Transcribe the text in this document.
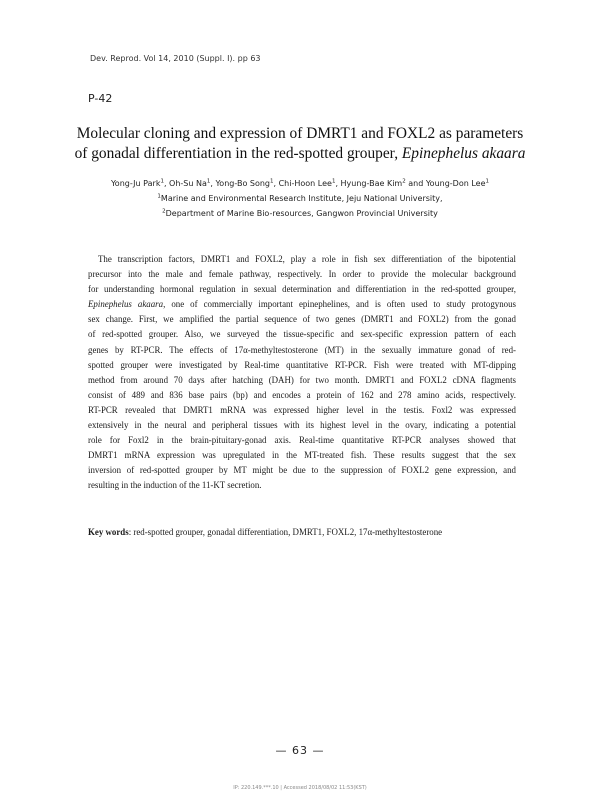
Dev. Reprod. Vol 14, 2010 (Suppl. I). pp 63
P-42
Molecular cloning and expression of DMRT1 and FOXL2 as parameters
of gonadal differentiation in the red-spotted grouper, Epinephelus akaara
Yong-Ju Park$^1$, Oh-Su Na$^1$, Yong-Bo Song$^1$, Chi-Hoon Lee$^1$, Hyung-Bae Kim$^2$ and Young-Don Lee$^1$
$^1$Marine and Environmental Research Institute, Jeju National University,
$^2$Department of Marine Bio-resources, Gangwon Provincial University
The transcription factors, DMRT1 and FOXL2, play a role in fish sex differentiation of the bipotential
precursor into the male and female pathway, respectively. In order to provide the molecular background
for understanding hormonal regulation in sexual determination and differentiation in the red-spotted grouper,
Epinephelus akaara, one of commercially important epinephelines, and is often used to study protogynous
sex change. First, we amplified the partial sequence of two genes (DMRT1 and FOXL2) from the gonad
of red-spotted grouper. Also, we surveyed the tissue-specific and sex-specific expression pattern of each
genes by RT-PCR. The effects of 17α-methyltestosterone (MT) in the sexually immature gonad of red-
spotted grouper were investigated by Real-time quantitative RT-PCR. Fish were treated with MT-dipping
method from around 70 days after hatching (DAH) for two month. DMRT1 and FOXL2 cDNA flagments
consist of 489 and 836 base pairs (bp) and encodes a protein of 162 and 278 amino acids, respectively.
RT-PCR revealed that DMRT1 mRNA was expressed higher level in the testis. Foxl2 was expressed
extensively in the neural and peripheral tissues with its highest level in the ovary, indicating a potential
role for Foxl2 in the brain-pituitary-gonad axis. Real-time quantitative RT-PCR analyses showed that
DMRT1 mRNA expression was upregulated in the MT-treated fish. These results suggest that the sex
inversion of red-spotted grouper by MT might be due to the suppression of FOXL2 gene expression, and
resulting in the induction of the 11-KT secretion.
Key words: red-spotted grouper, gonadal differentiation, DMRT1, FOXL2, 17α-methyltestosterone
— 63 —
IP: 220.149.***.10 | Accessed 2018/08/02 11:53(KST)
